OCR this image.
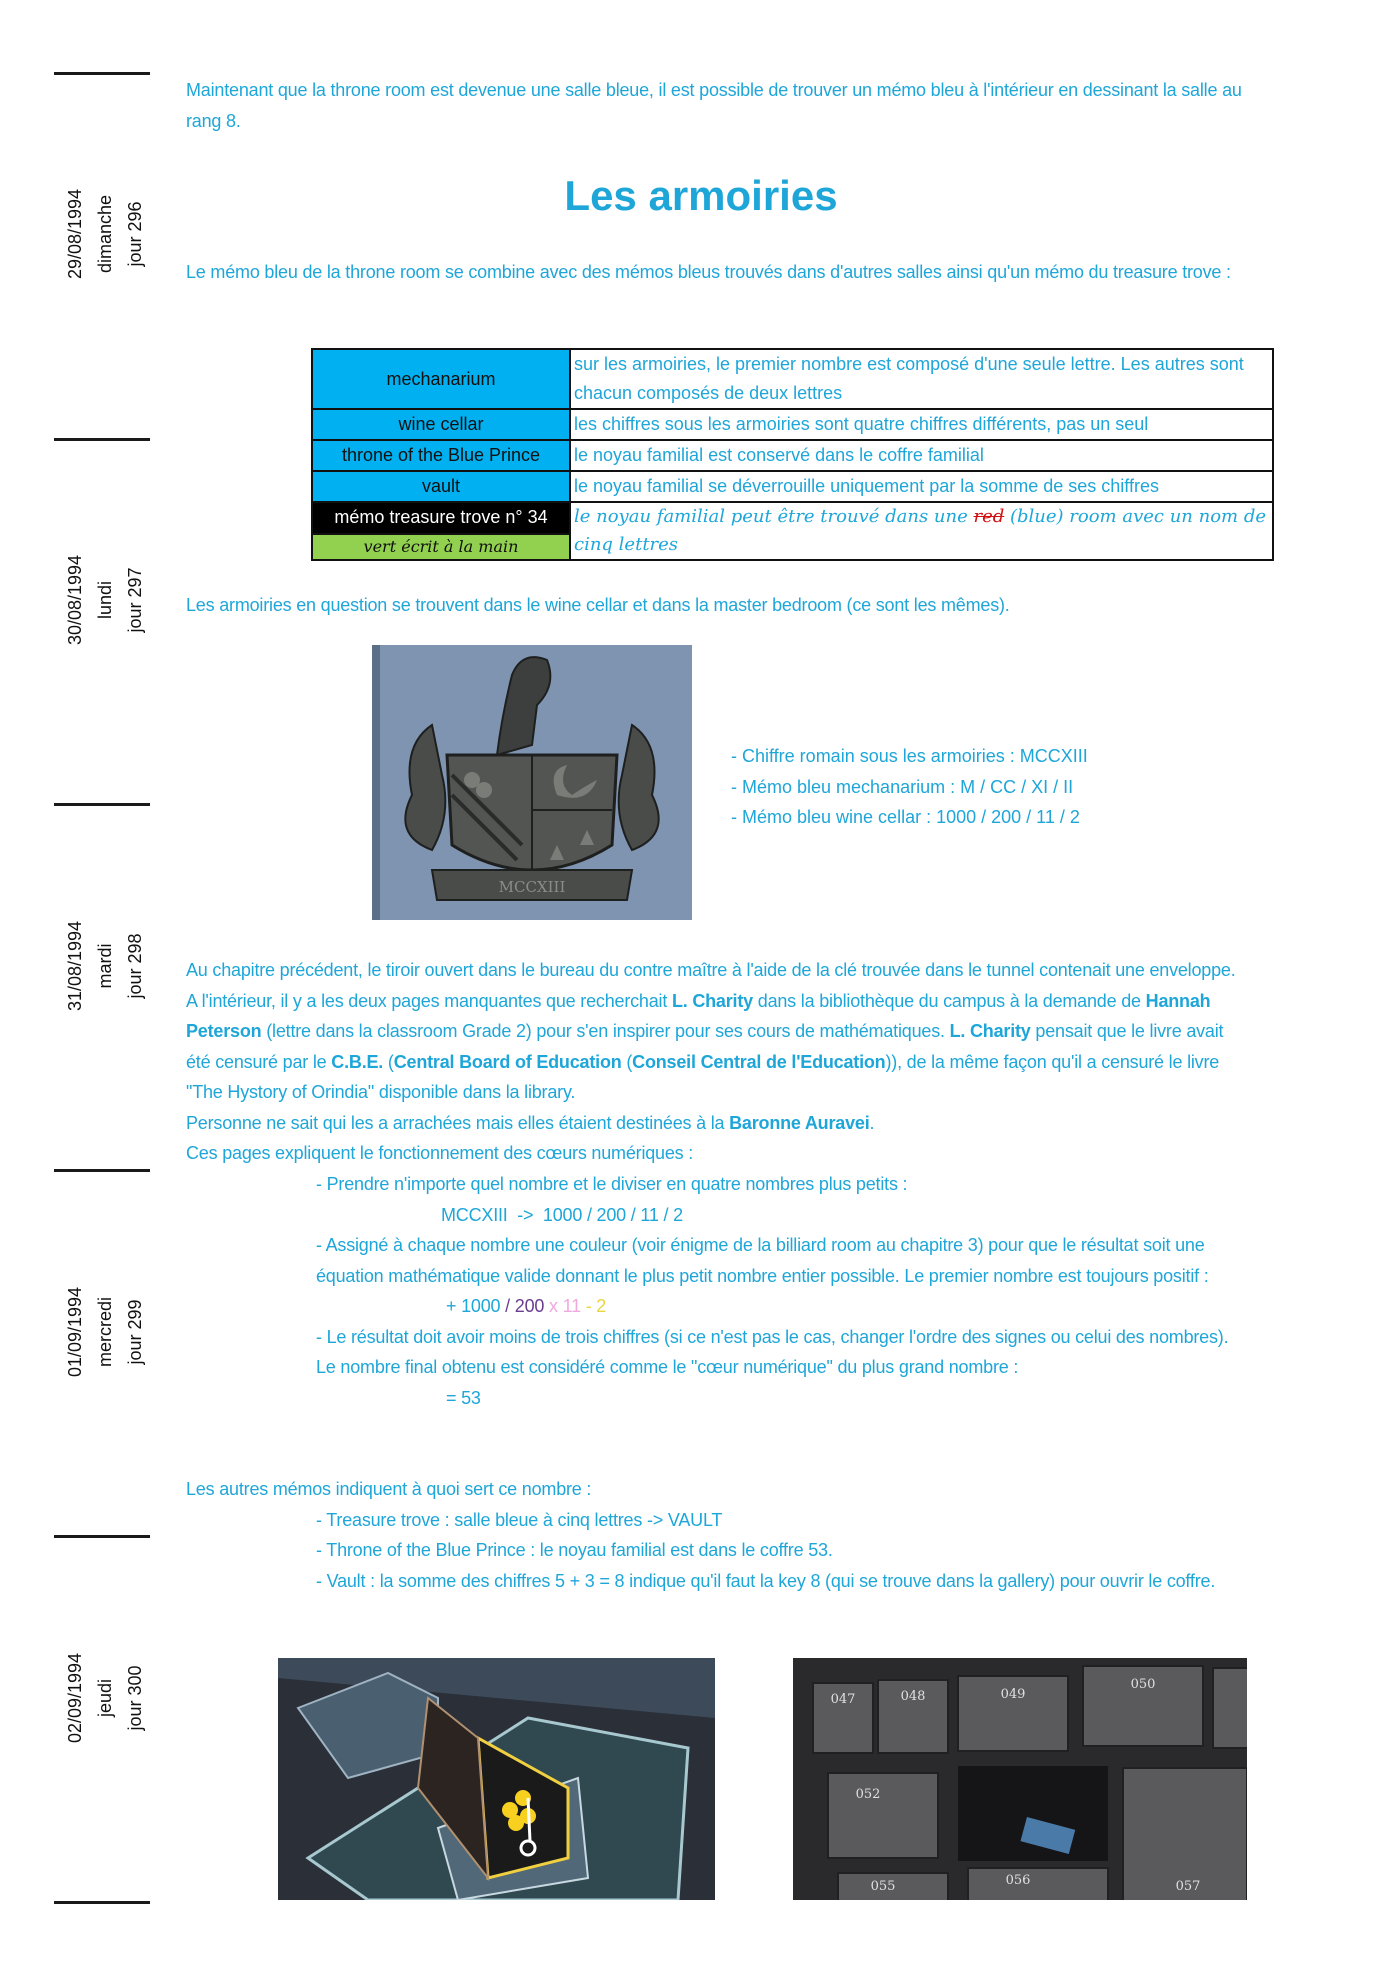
29/08/1994 dimanche jour 296
30/08/1994 lundi jour 297
31/08/1994 mardi jour 298
01/09/1994 mercredi jour 299
02/09/1994 jeudi jour 300

Maintenant que la throne room est devenue une salle bleue, il est possible de trouver un mémo bleu à l'intérieur en dessinant la salle au rang 8.

Les armoiries

Le mémo bleu de la throne room se combine avec des mémos bleus trouvés dans d'autres salles ainsi qu'un mémo du treasure trove :

mechanarium	sur les armoiries, le premier nombre est composé d'une seule lettre. Les autres sont chacun composés de deux lettres
wine cellar	les chiffres sous les armoiries sont quatre chiffres différents, pas un seul
throne of the Blue Prince	le noyau familial est conservé dans le coffre familial
vault	le noyau familial se déverrouille uniquement par la somme de ses chiffres
mémo treasure trove n° 34	le noyau familial peut être trouvé dans une red (blue) room avec un nom de cinq lettres
vert écrit à la main	

Les armoiries en question se trouvent dans le wine cellar et dans la master bedroom (ce sont les mêmes).

MCCXIII
- Chiffre romain sous les armoiries : MCCXIII
- Mémo bleu mechanarium : M / CC / XI / II
- Mémo bleu wine cellar : 1000 / 200 / 11 / 2

Au chapitre précédent, le tiroir ouvert dans le bureau du contre maître à l'aide de la clé trouvée dans le tunnel contenait une enveloppe. A l'intérieur, il y a les deux pages manquantes que recherchait L. Charity dans la bibliothèque du campus à la demande de Hannah Peterson (lettre dans la classroom Grade 2) pour s'en inspirer pour ses cours de mathématiques. L. Charity pensait que le livre avait été censuré par le C.B.E. (Central Board of Education (Conseil Central de l'Education)), de la même façon qu'il a censuré le livre "The Hystory of Orindia" disponible dans la library.
Personne ne sait qui les a arrachées mais elles étaient destinées à la Baronne Auravei.
Ces pages expliquent le fonctionnement des cœurs numériques :

- Prendre n'importe quel nombre et le diviser en quatre nombres plus petits :
MCCXIII  ->  1000 / 200 / 11 / 2
- Assigné à chaque nombre une couleur (voir énigme de la billiard room au chapitre 3) pour que le résultat soit une équation mathématique valide donnant le plus petit nombre entier possible. Le premier nombre est toujours positif :
+ 1000 / 200 x 11 - 2
- Le résultat doit avoir moins de trois chiffres (si ce n'est pas le cas, changer l'ordre des signes ou celui des nombres). Le nombre final obtenu est considéré comme le "cœur numérique" du plus grand nombre :
= 53
Les autres mémos indiquent à quoi sert ce nombre :
- Treasure trove : salle bleue à cinq lettres -> VAULT
- Throne of the Blue Prince : le noyau familial est dans le coffre 53.
- Vault : la somme des chiffres 5 + 3 = 8 indique qu'il faut la key 8 (qui se trouve dans la gallery) pour ouvrir le coffre.
047	048	049
050
052
055	056	057
